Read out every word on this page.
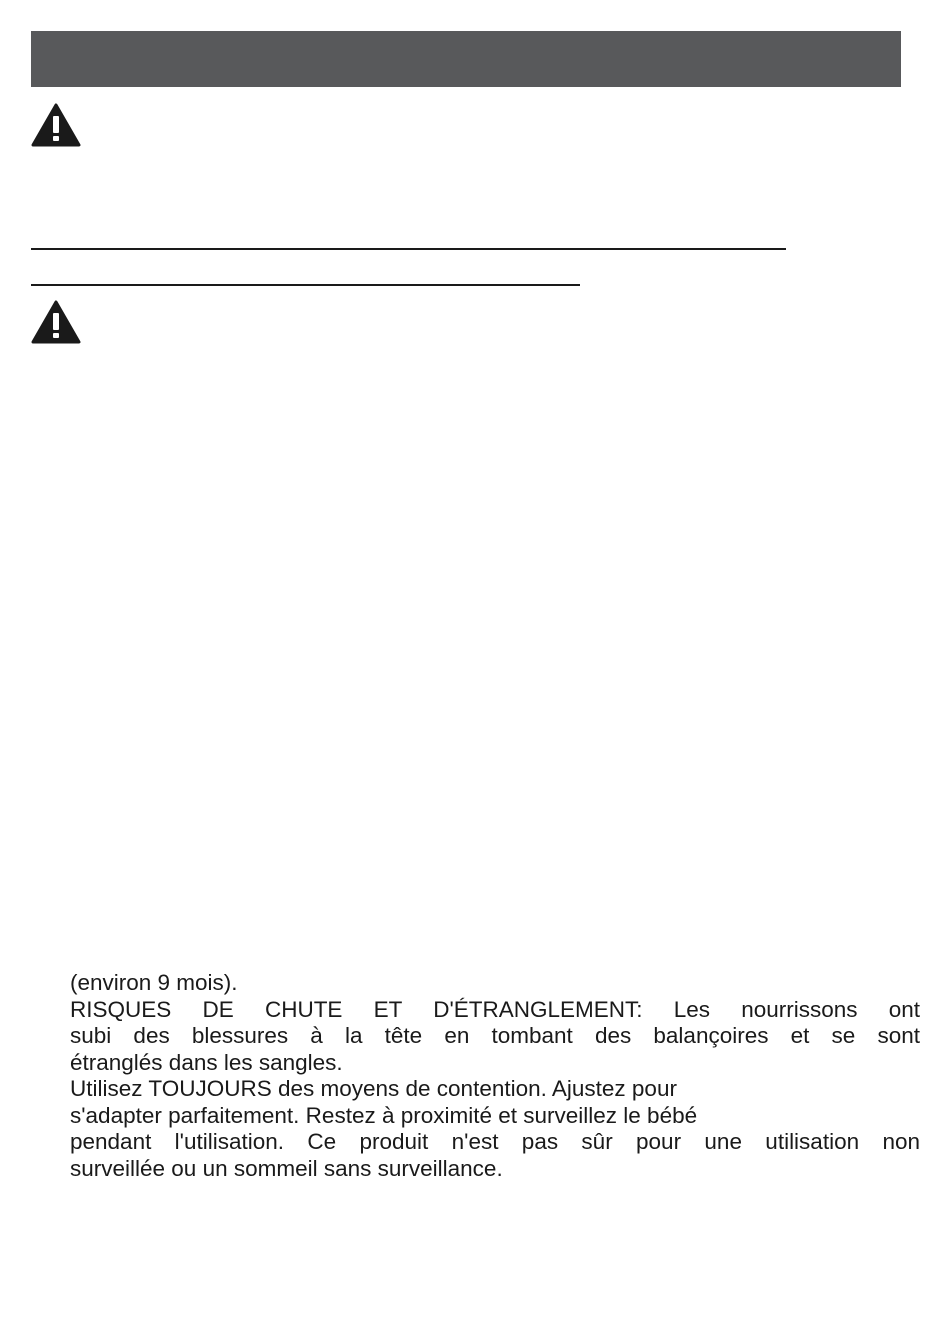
(environ 9 mois).

RISQUES DE CHUTE ET D'ÉTRANGLEMENT: Les nourrissons ont

subi des blessures à la tête en tombant des balançoires et se sont

étranglés dans les sangles.

Utilisez TOUJOURS des moyens de contention. Ajustez pour

s'adapter parfaitement. Restez à proximité et surveillez le bébé

pendant l'utilisation. Ce produit n'est pas sûr pour une utilisation non

surveillée ou un sommeil sans surveillance.
